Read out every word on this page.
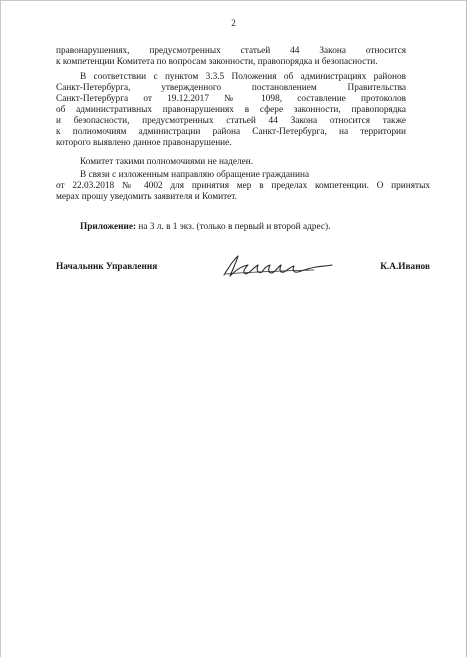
2
правонарушениях, предусмотренных статьей 44 Закона относится
к компетенции Комитета по вопросам законности, правопорядка и безопасности.
В соответствии с пунктом 3.3.5 Положения об администрациях районов
Санкт-Петербурга, утвержденного постановлением Правительства
Санкт-Петербурга от 19.12.2017 № 1098, составление протоколов
об административных правонарушениях в сфере законности, правопорядка
и безопасности, предусмотренных статьей 44 Закона относится также
к полномочиям администрации района Санкт-Петербурга, на территории
которого выявлено данное правонарушение.
Комитет такими полномочиями не наделен.
В связи с изложенным направляю обращение гражданина
от 22.03.2018 № 4002 для принятия мер в пределах компетенции. О принятых
мерах прошу уведомить заявителя и Комитет.
Приложение: на 3 л. в 1 экз. (только в первый и второй адрес).
Начальник Управления	К.А.Иванов
